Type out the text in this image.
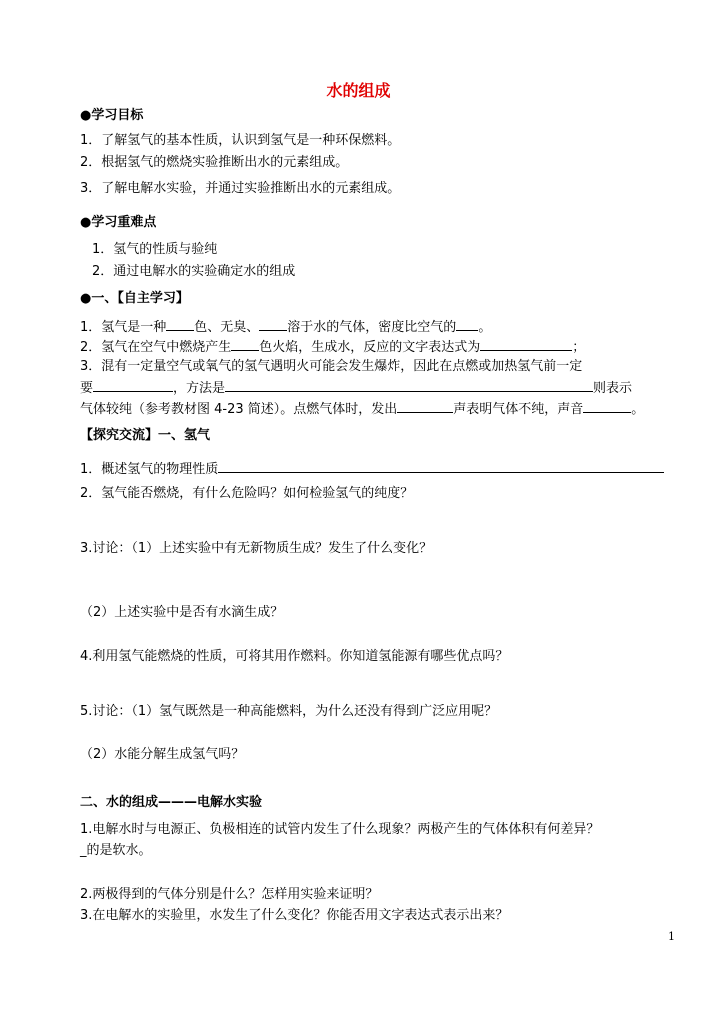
水的组成
●学习目标
1．了解氢气的基本性质，认识到氢气是一种环保燃料。
2．根据氢气的燃烧实验推断出水的元素组成。
3．了解电解水实验，并通过实验推断出水的元素组成。
●学习重难点
1．氢气的性质与验纯
2．通过电解水的实验确定水的组成
●一、【自主学习】
1．氢气是一种 色、无臭、 溶于水的气体，密度比空气的 。
2．氢气在空气中燃烧产生 色火焰，生成水，反应的文字表达式为	；
3．混有一定量空气或氧气的氢气遇明火可能会发生爆炸，因此在点燃或加热氢气前一定
要	，方法是	则表示
气体较纯（参考教材图 4-23 简述）。点燃气体时，发出	声表明气体不纯，声音	。
【探究交流】一、氢气
1．概述氢气的物理性质
2．氢气能否燃烧，有什么危险吗？如何检验氢气的纯度？
3.讨论：（1）上述实验中有无新物质生成？发生了什么变化？
（2）上述实验中是否有水滴生成？
4.利用氢气能燃烧的性质，可将其用作燃料。你知道氢能源有哪些优点吗？
5.讨论：（1）氢气既然是一种高能燃料，为什么还没有得到广泛应用呢？
（2）水能分解生成氢气吗？
二、水的组成———电解水实验
1.电解水时与电源正、负极相连的试管内发生了什么现象？两极产生的气体体积有何差异？
_的是软水。
2.两极得到的气体分别是什么？怎样用实验来证明？
3.在电解水的实验里，水发生了什么变化？你能否用文字表达式表示出来？
1
